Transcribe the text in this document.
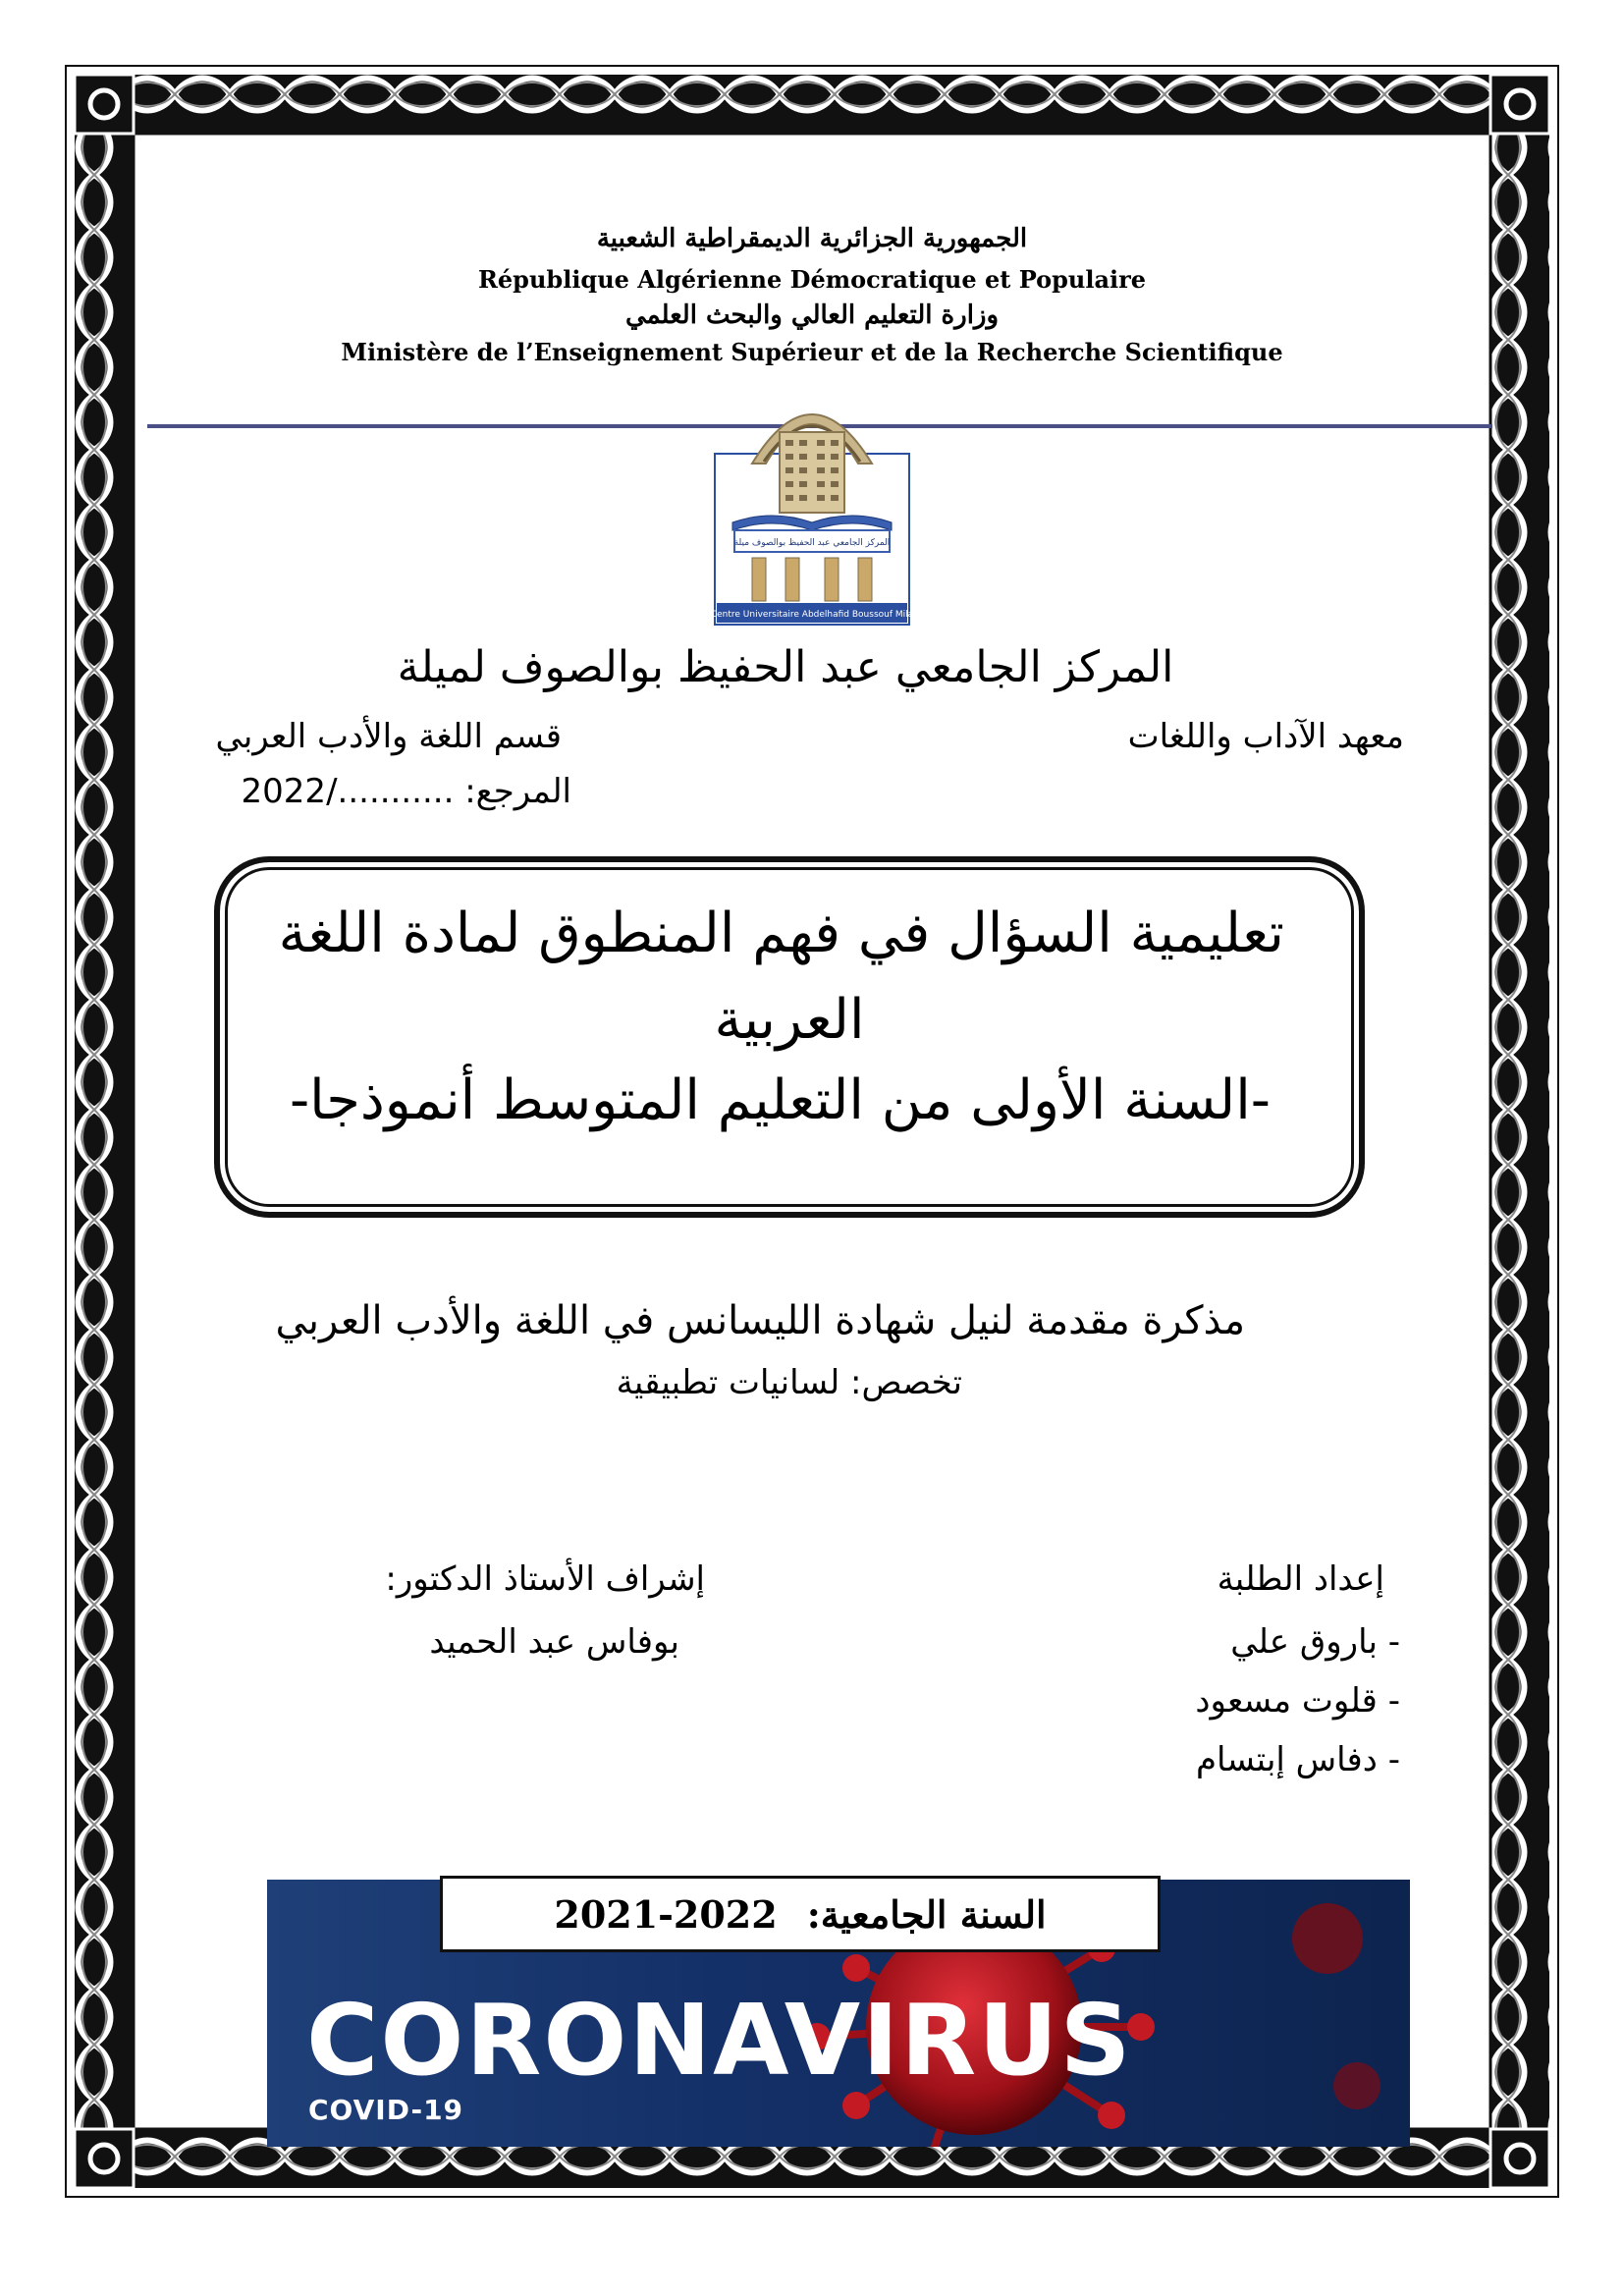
الجمهورية الجزائرية الديمقراطية الشعبية
République Algérienne Démocratique et Populaire
وزارة التعليم العالي والبحث العلمي
Ministère de l’Enseignement Supérieur et de la Recherche Scientifique
المركز الجامعي عبد الحفيظ بوالصوف ميلة
Centre Universitaire Abdelhafid Boussouf Mila
المركز الجامعي عبد الحفيظ بوالصوف لميلة
معهد الآداب واللغات
قسم اللغة والأدب العربي
المرجع: .........../2022
تعليمية السؤال في فهم المنطوق لمادة اللغة
العربية
-السنة الأولى من التعليم المتوسط أنموذجا-
مذكرة مقدمة لنيل شهادة الليسانس في اللغة والأدب العربي
تخصص: لسانيات تطبيقية
إعداد الطلبة
- باروق علي
- قلوت مسعود
- دفاس إبتسام
إشراف الأستاذ الدكتور:
بوفاس عبد الحميد
CORONAVIRUS
COVID-19
2021-2022 السنة الجامعية:
